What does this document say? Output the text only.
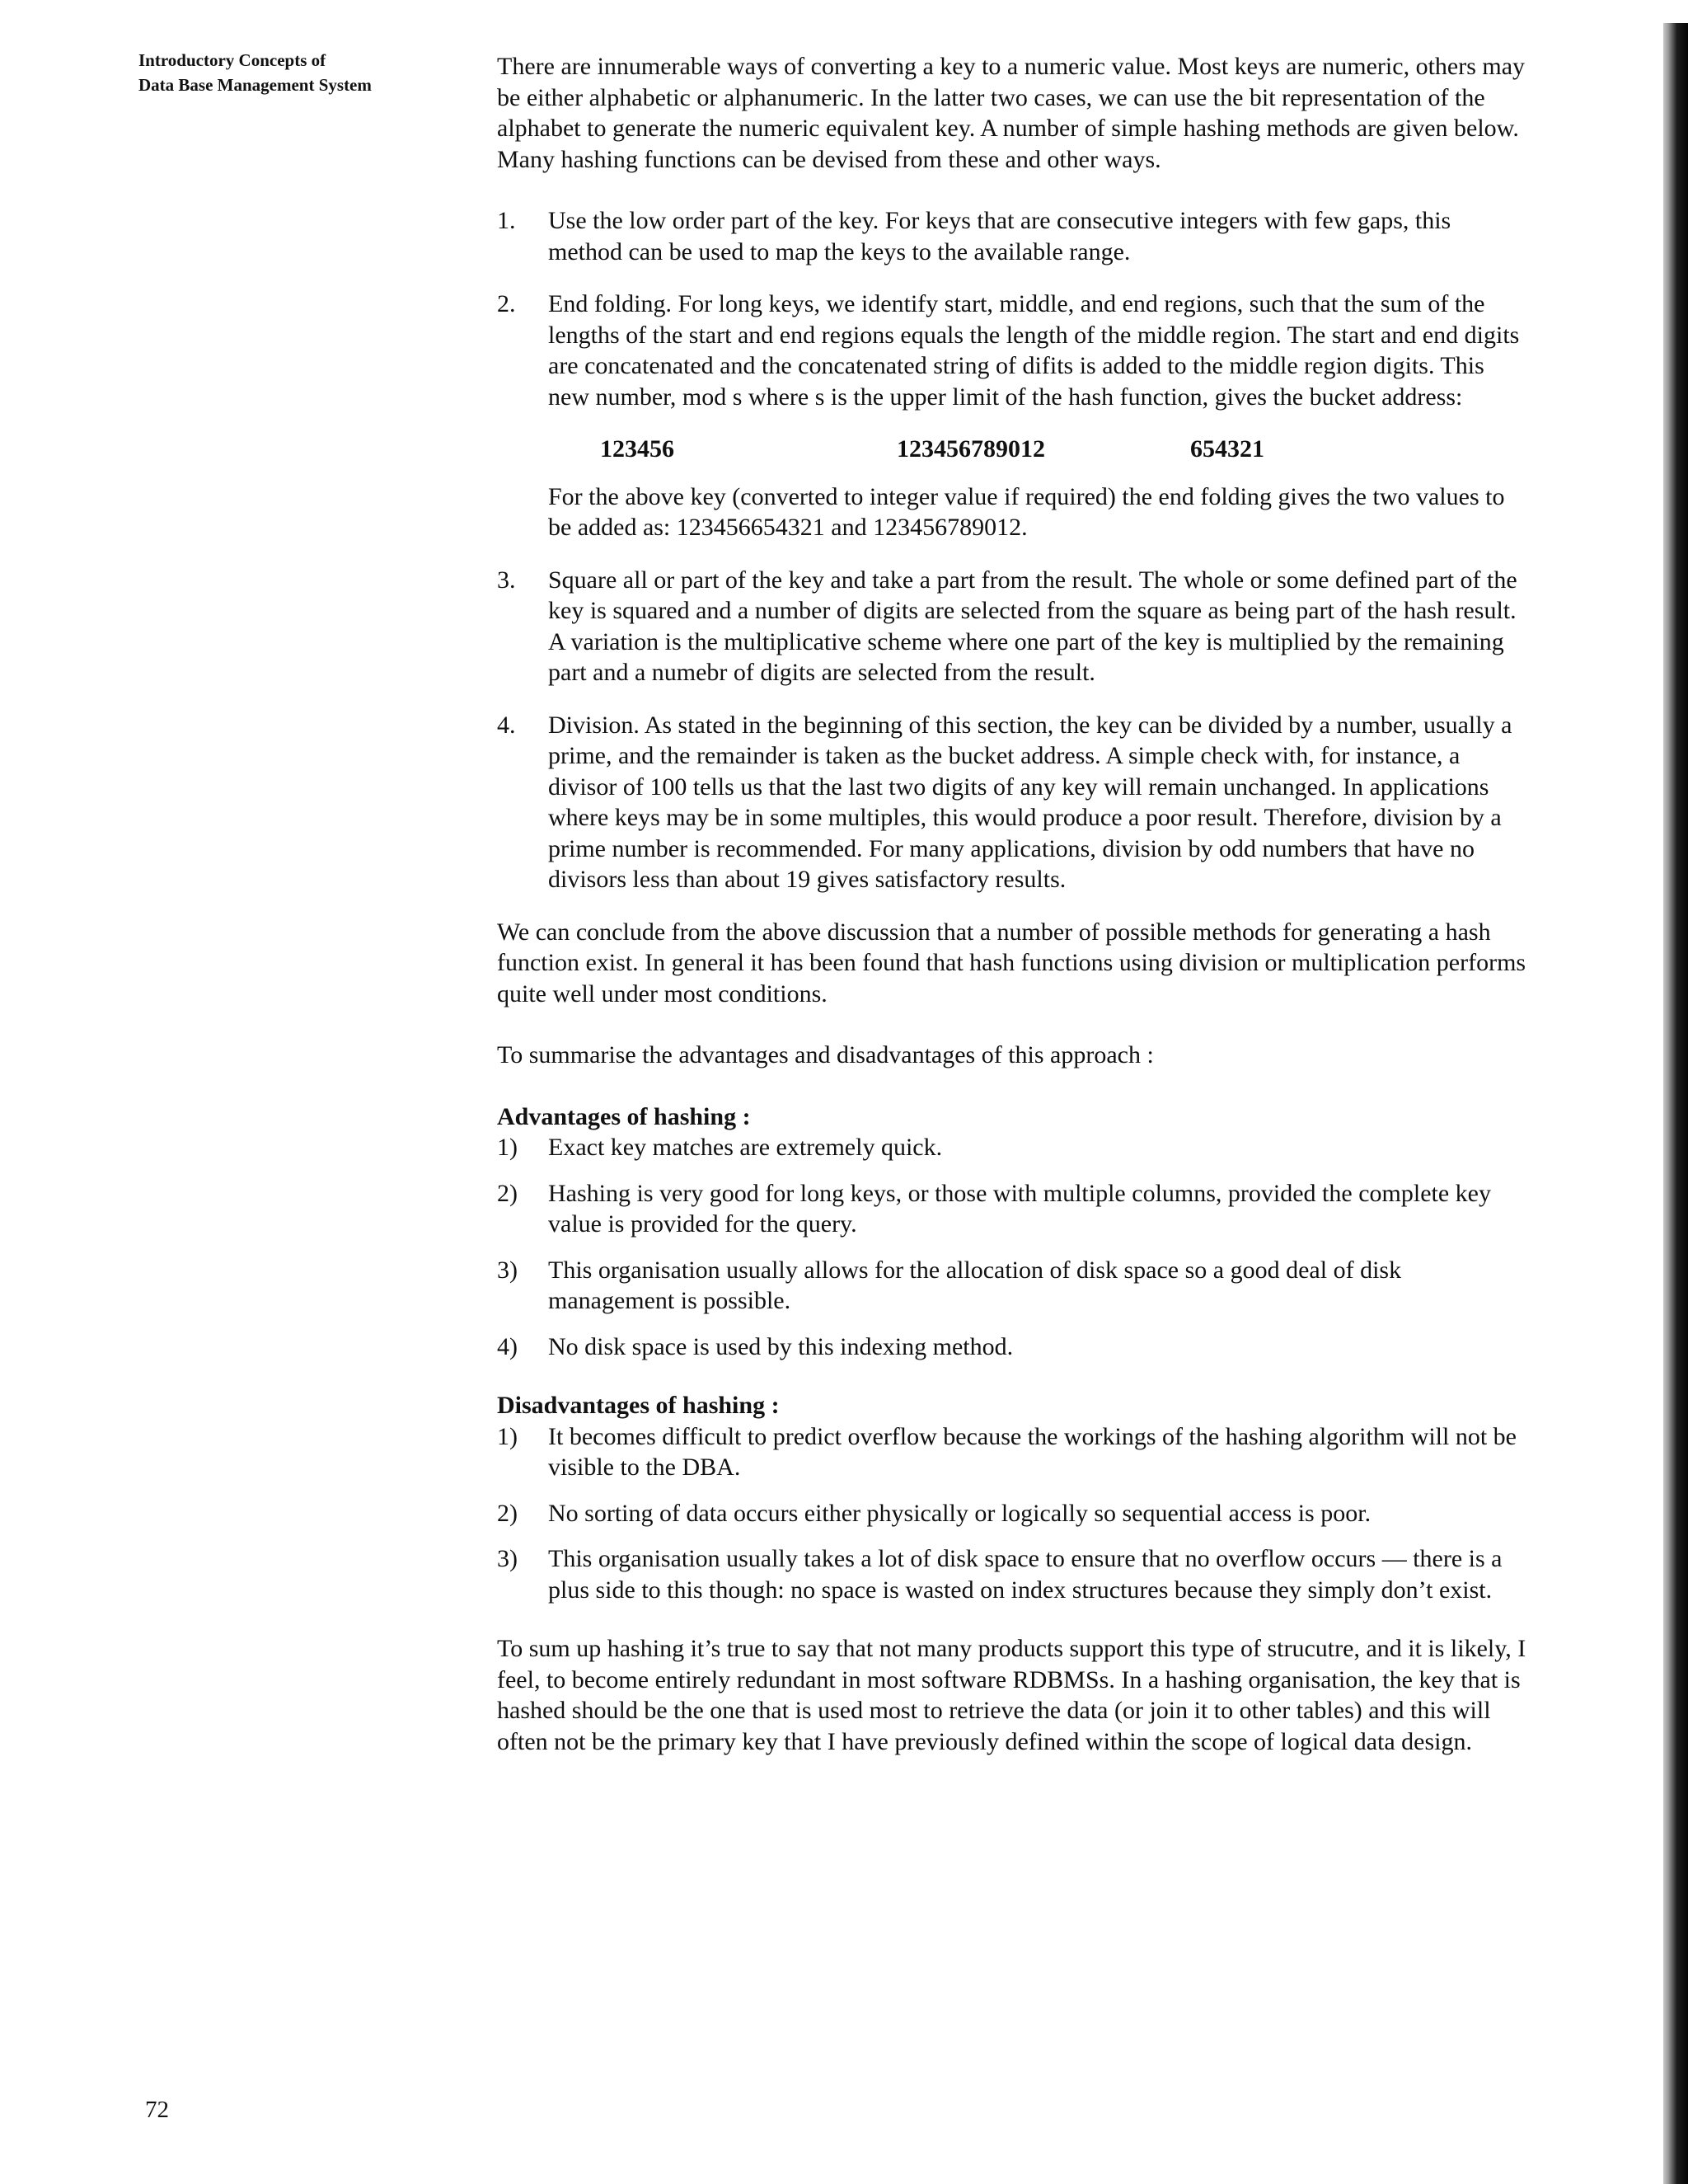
Introductory Concepts of
Data Base Management System

There are innumerable ways of converting a key to a numeric value. Most keys are numeric, others may be either alphabetic or alphanumeric. In the latter two cases, we can use the bit representation of the alphabet to generate the numeric equivalent key. A number of simple hashing methods are given below. Many hashing functions can be devised from these and other ways.

1. Use the low order part of the key. For keys that are consecutive integers with few gaps, this method can be used to map the keys to the available range.

2. End folding. For long keys, we identify start, middle, and end regions, such that the sum of the lengths of the start and end regions equals the length of the middle region. The start and end digits are concatenated and the concatenated string of difits is added to the middle region digits. This new number, mod s where s is the upper limit of the hash function, gives the bucket address:

123456	123456789012	654321

For the above key (converted to integer value if required) the end folding gives the two values to be added as: 123456654321 and 123456789012.

3. Square all or part of the key and take a part from the result. The whole or some defined part of the key is squared and a number of digits are selected from the square as being part of the hash result. A variation is the multiplicative scheme where one part of the key is multiplied by the remaining part and a numebr of digits are selected from the result.

4. Division. As stated in the beginning of this section, the key can be divided by a number, usually a prime, and the remainder is taken as the bucket address. A simple check with, for instance, a divisor of 100 tells us that the last two digits of any key will remain unchanged. In applications where keys may be in some multiples, this would produce a poor result. Therefore, division by a prime number is recommended. For many applications, division by odd numbers that have no divisors less than about 19 gives satisfactory results.

We can conclude from the above discussion that a number of possible methods for generating a hash function exist. In general it has been found that hash functions using division or multiplication performs quite well under most conditions.

To summarise the advantages and disadvantages of this approach :

Advantages of hashing :

1) Exact key matches are extremely quick.

2) Hashing is very good for long keys, or those with multiple columns, provided the complete key value is provided for the query.

3) This organisation usually allows for the allocation of disk space so a good deal of disk management is possible.

4) No disk space is used by this indexing method.

Disadvantages of hashing :

1) It becomes difficult to predict overflow because the workings of the hashing algorithm will not be visible to the DBA.

2) No sorting of data occurs either physically or logically so sequential access is poor.

3) This organisation usually takes a lot of disk space to ensure that no overflow occurs — there is a plus side to this though: no space is wasted on index structures because they simply don’t exist.

To sum up hashing it’s true to say that not many products support this type of strucutre, and it is likely, I feel, to become entirely redundant in most software RDBMSs. In a hashing organisation, the key that is hashed should be the one that is used most to retrieve the data (or join it to other tables) and this will often not be the primary key that I have previously defined within the scope of logical data design.

72
